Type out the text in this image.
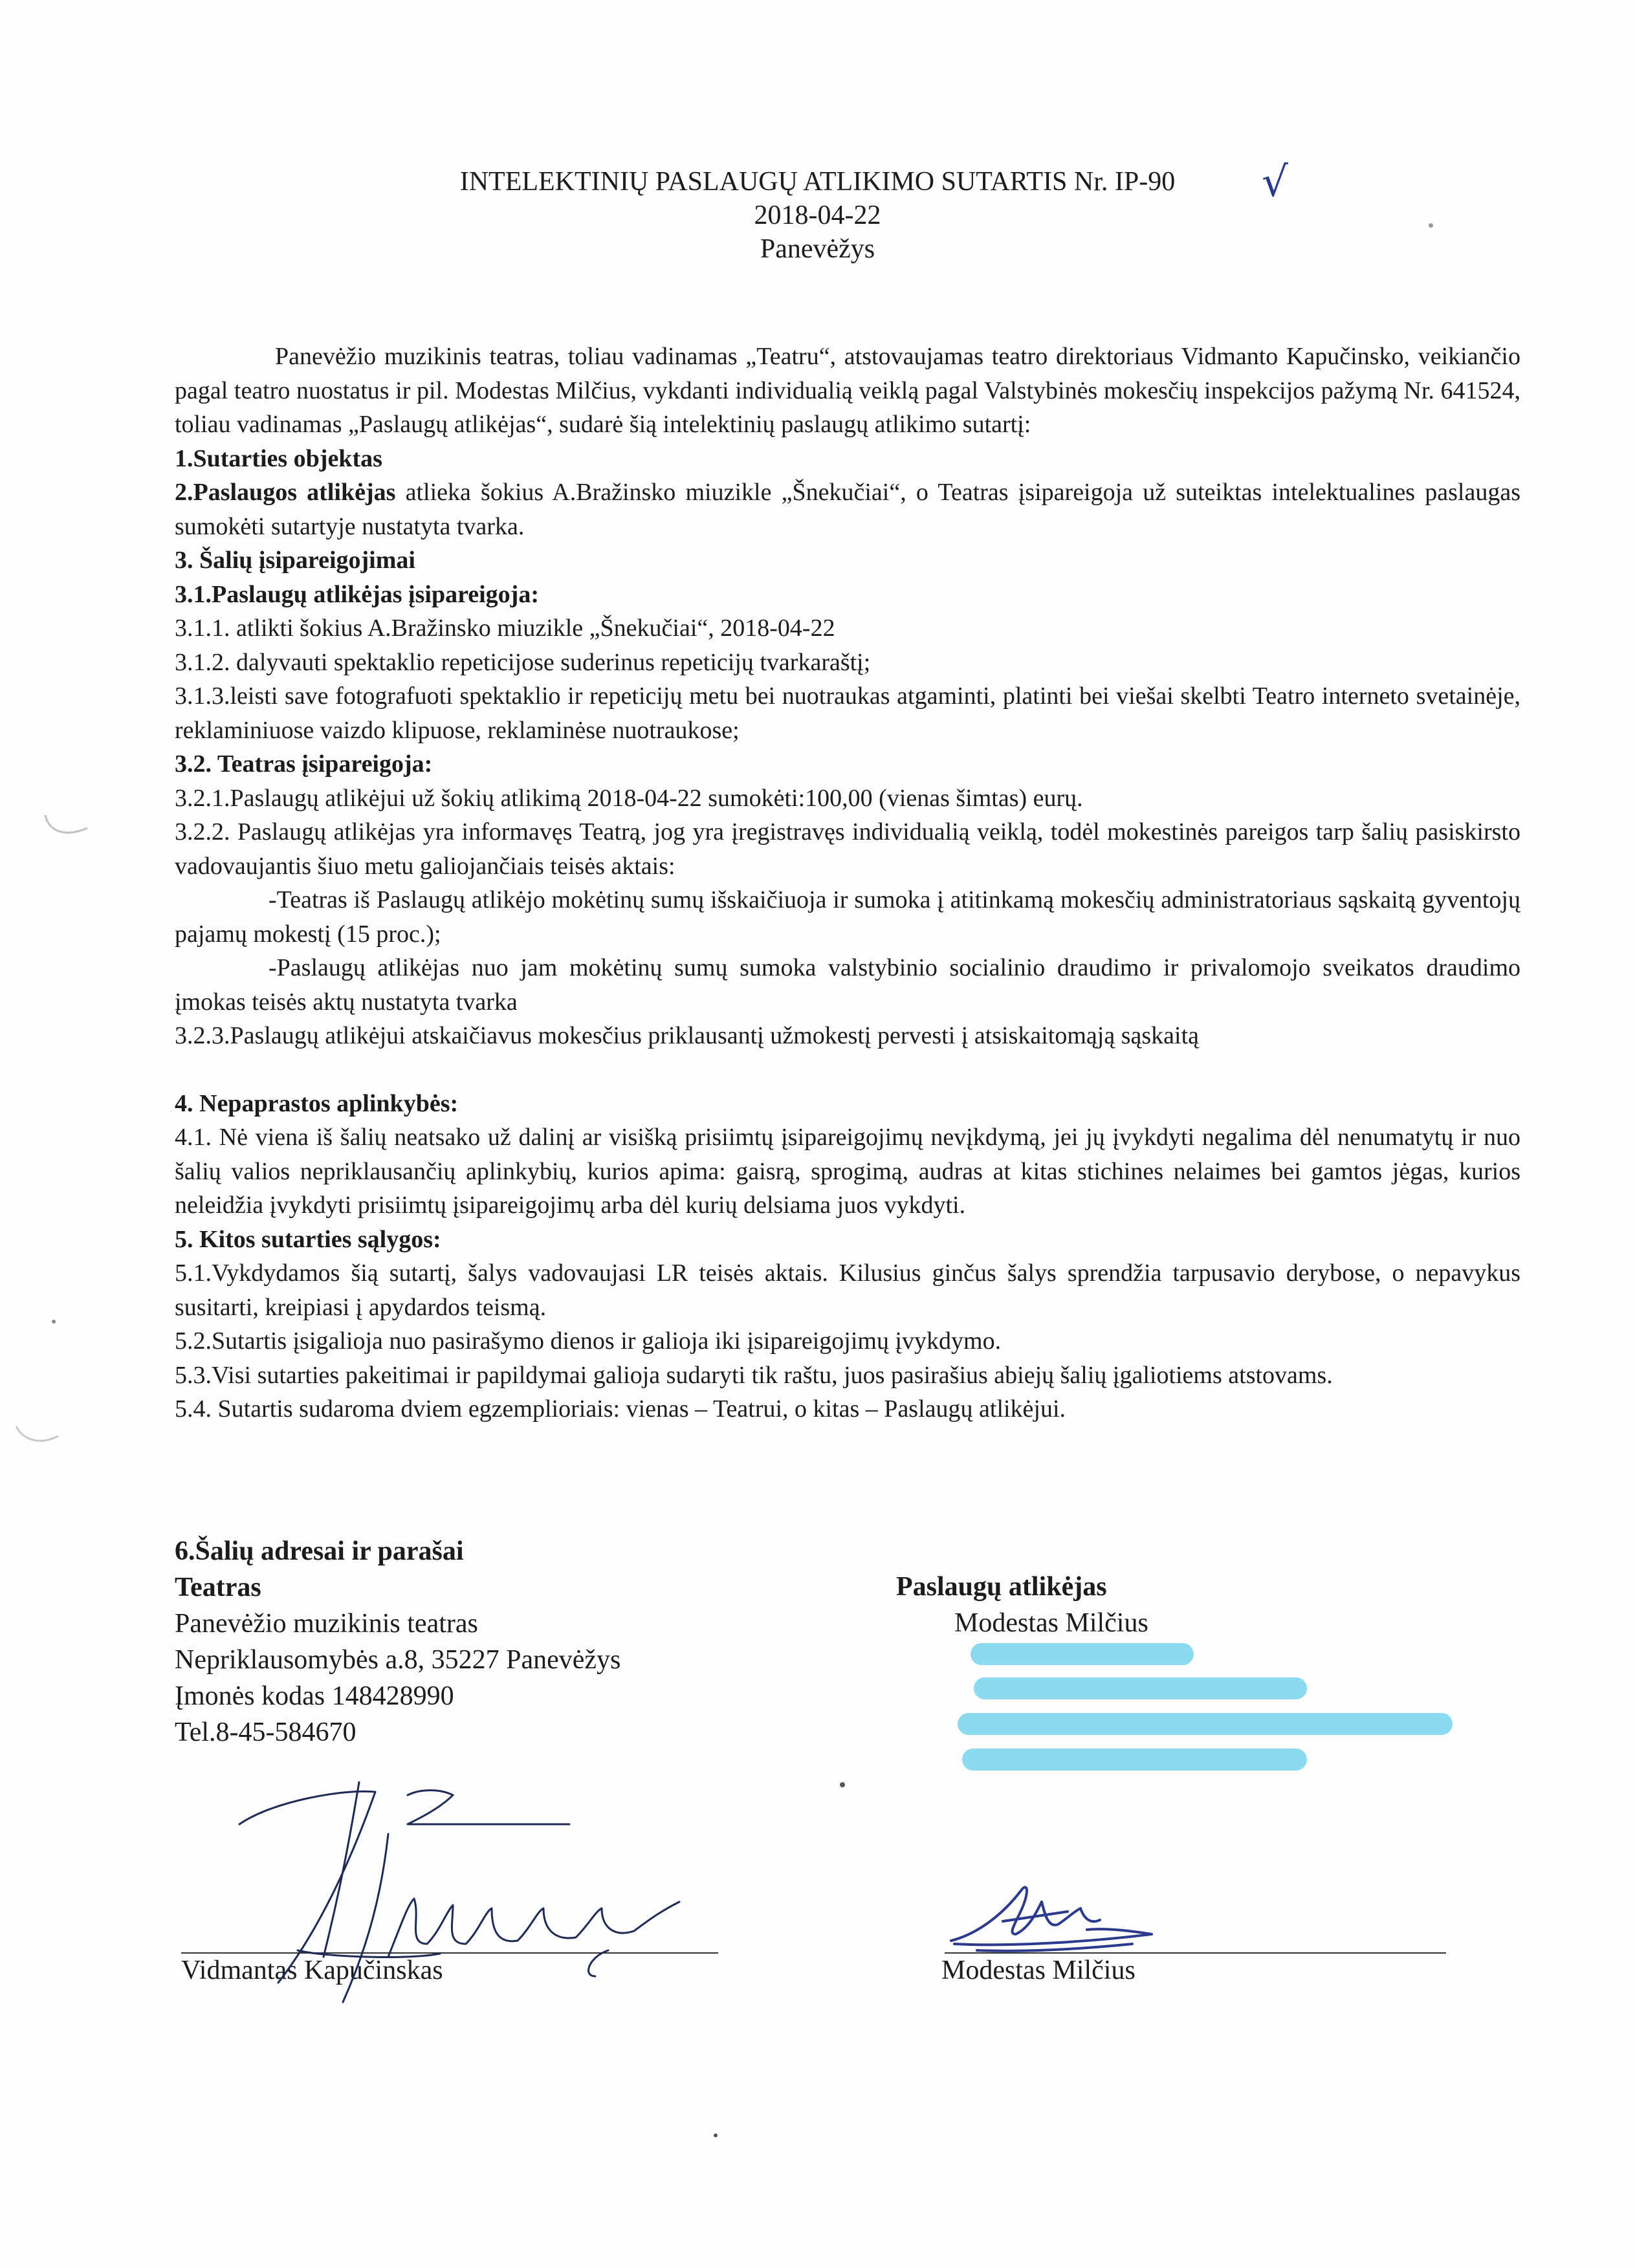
INTELEKTINIŲ PASLAUGŲ ATLIKIMO SUTARTIS Nr. IP-90
2018-04-22
Panevėžys
√

Panevėžio muzikinis teatras, toliau vadinamas „Teatru“, atstovaujamas teatro direktoriaus Vidmanto Kapučinsko, veikiančio pagal teatro nuostatus ir pil. Modestas Milčius, vykdanti individualią veiklą pagal Valstybinės mokesčių inspekcijos pažymą Nr. 641524, toliau vadinamas „Paslaugų atlikėjas“, sudarė šią intelektinių paslaugų atlikimo sutartį:

1.Sutarties objektas

2.Paslaugos atlikėjas atlieka šokius A.Bražinsko miuzikle „Šnekučiai“, o Teatras įsipareigoja už suteiktas intelektualines paslaugas sumokėti sutartyje nustatyta tvarka.

3. Šalių įsipareigojimai

3.1.Paslaugų atlikėjas įsipareigoja:

3.1.1. atlikti šokius A.Bražinsko miuzikle „Šnekučiai“, 2018-04-22

3.1.2. dalyvauti spektaklio repeticijose suderinus repeticijų tvarkaraštį;

3.1.3.leisti save fotografuoti spektaklio ir repeticijų metu bei nuotraukas atgaminti, platinti bei viešai skelbti Teatro interneto svetainėje, reklaminiuose vaizdo klipuose, reklaminėse nuotraukose;

3.2. Teatras įsipareigoja:

3.2.1.Paslaugų atlikėjui už šokių atlikimą 2018-04-22 sumokėti:100,00 (vienas šimtas) eurų.

3.2.2. Paslaugų atlikėjas yra informavęs Teatrą, jog yra įregistravęs individualią veiklą, todėl mokestinės pareigos tarp šalių pasiskirsto vadovaujantis šiuo metu galiojančiais teisės aktais:

-Teatras iš Paslaugų atlikėjo mokėtinų sumų išskaičiuoja ir sumoka į atitinkamą mokesčių administratoriaus sąskaitą gyventojų pajamų mokestį (15 proc.);

-Paslaugų atlikėjas nuo jam mokėtinų sumų sumoka valstybinio socialinio draudimo ir privalomojo sveikatos draudimo įmokas teisės aktų nustatyta tvarka

3.2.3.Paslaugų atlikėjui atskaičiavus mokesčius priklausantį užmokestį pervesti į atsiskaitomąją sąskaitą

4. Nepaprastos aplinkybės:

4.1. Nė viena iš šalių neatsako už dalinį ar visišką prisiimtų įsipareigojimų nevįkdymą, jei jų įvykdyti negalima dėl nenumatytų ir nuo šalių valios nepriklausančių aplinkybių, kurios apima: gaisrą, sprogimą, audras at kitas stichines nelaimes bei gamtos jėgas, kurios neleidžia įvykdyti prisiimtų įsipareigojimų arba dėl kurių delsiama juos vykdyti.

5. Kitos sutarties sąlygos:

5.1.Vykdydamos šią sutartį, šalys vadovaujasi LR teisės aktais. Kilusius ginčus šalys sprendžia tarpusavio derybose, o nepavykus susitarti, kreipiasi į apydardos teismą.

5.2.Sutartis įsigalioja nuo pasirašymo dienos ir galioja iki įsipareigojimų įvykdymo.

5.3.Visi sutarties pakeitimai ir papildymai galioja sudaryti tik raštu, juos pasirašius abiejų šalių įgaliotiems atstovams.

5.4. Sutartis sudaroma dviem egzemplioriais: vienas – Teatrui, o kitas – Paslaugų atlikėjui.

6.Šalių adresai ir parašai
Teatras
Panevėžio muzikinis teatras
Nepriklausomybės a.8, 35227 Panevėžys
Įmonės kodas 148428990
Tel.8-45-584670
Paslaugų atlikėjas
Modestas Milčius
Vidmantas Kapučinskas	Modestas Milčius
